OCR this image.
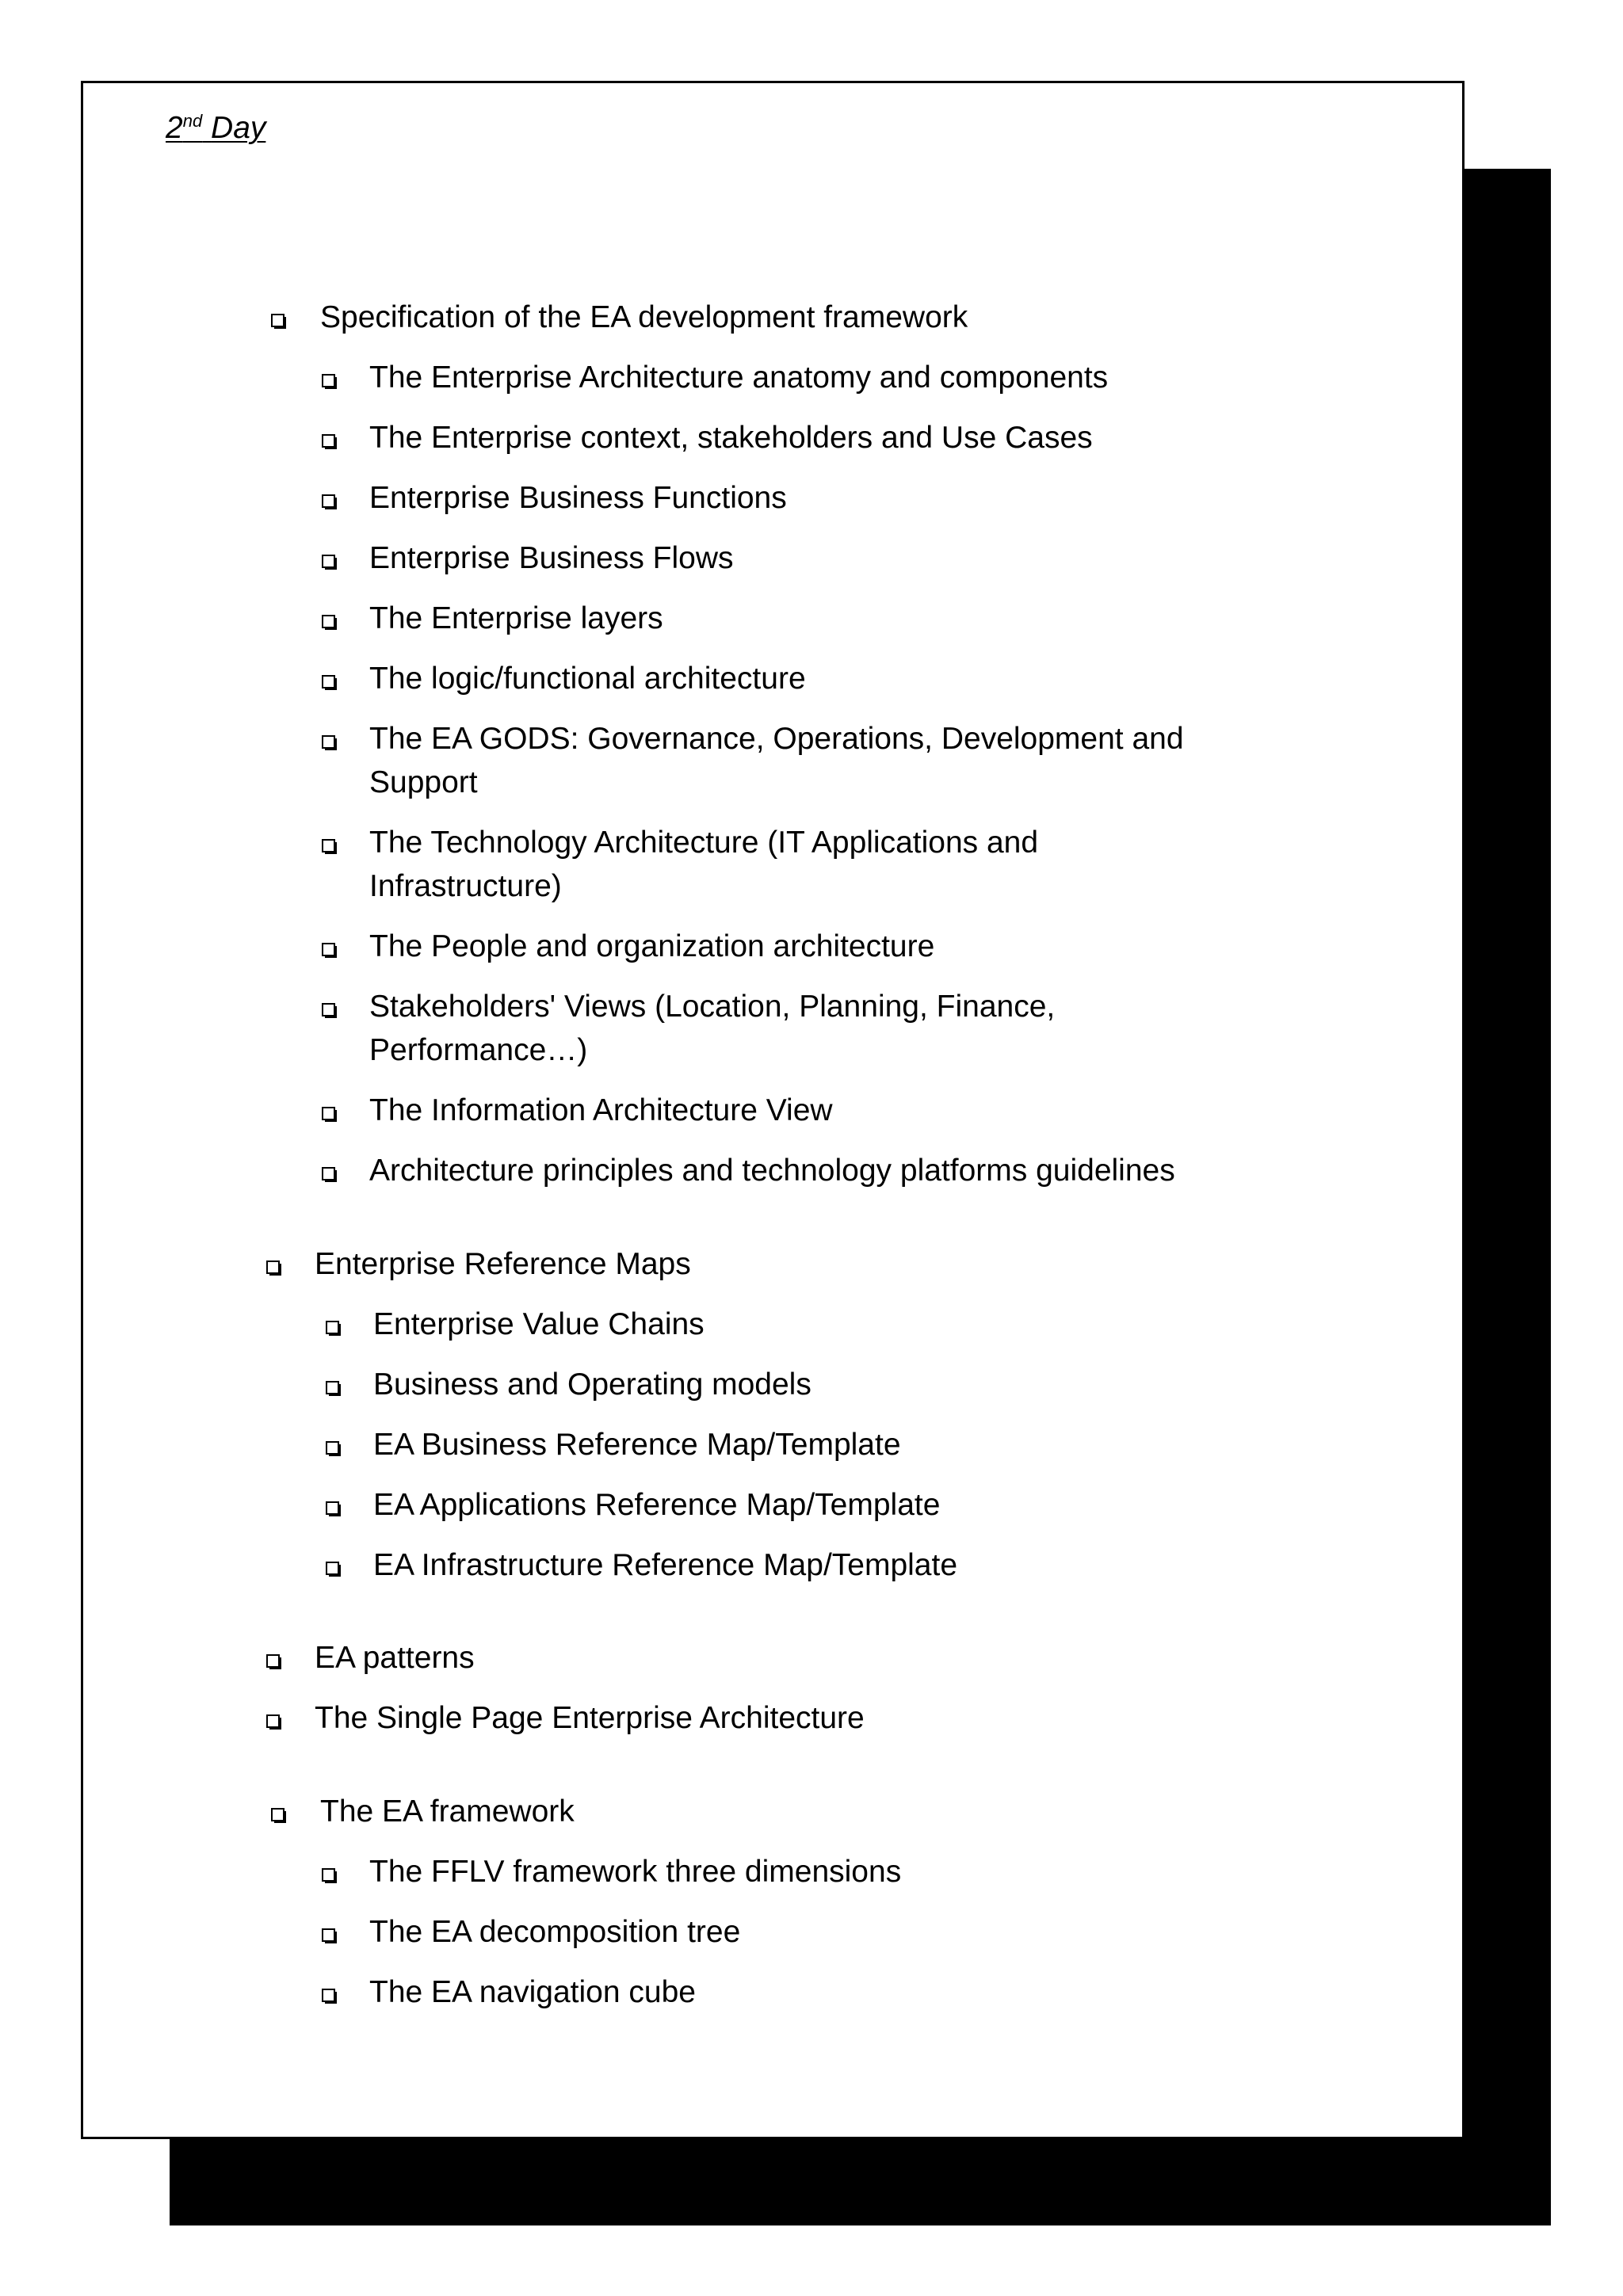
2nd Day
Specification of the EA development framework
The Enterprise Architecture anatomy and components
The Enterprise context, stakeholders and Use Cases
Enterprise Business Functions
Enterprise Business Flows
The Enterprise layers
The logic/functional architecture
The EA GODS: Governance, Operations, Development and Support
The Technology Architecture (IT Applications and Infrastructure)
The People and organization architecture
Stakeholders' Views (Location, Planning, Finance, Performance…)
The Information Architecture View
Architecture principles and technology platforms guidelines
Enterprise Reference Maps
Enterprise Value Chains
Business and Operating models
EA Business Reference Map/Template
EA Applications Reference Map/Template
EA Infrastructure Reference Map/Template
EA patterns
The Single Page Enterprise Architecture
The EA framework
The FFLV framework three dimensions
The EA decomposition tree
The EA navigation cube
